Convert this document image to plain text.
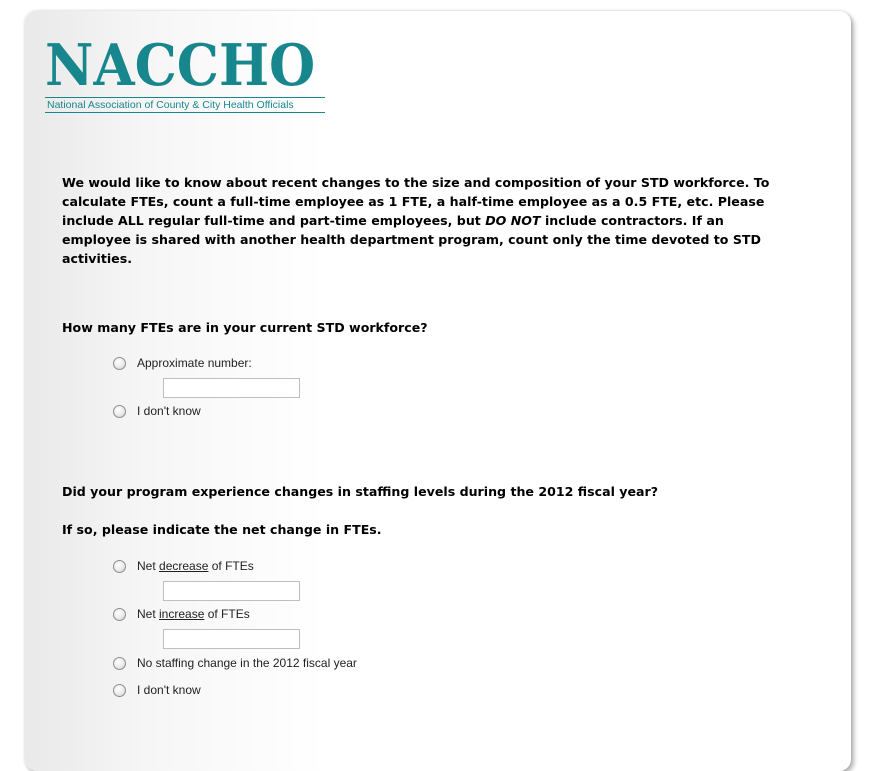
NACCHO
National Association of County & City Health Officials
We would like to know about recent changes to the size and composition of your STD workforce. To calculate FTEs, count a full-time employee as 1 FTE, a half-time employee as a 0.5 FTE, etc. Please include ALL regular full-time and part-time employees, but DO NOT include contractors. If an employee is shared with another health department program, count only the time devoted to STD activities.
How many FTEs are in your current STD workforce?
Approximate number:
I don't know
Did your program experience changes in staffing levels during the 2012 fiscal year?
If so, please indicate the net change in FTEs.
Net decrease of FTEs
Net increase of FTEs
No staffing change in the 2012 fiscal year
I don't know
